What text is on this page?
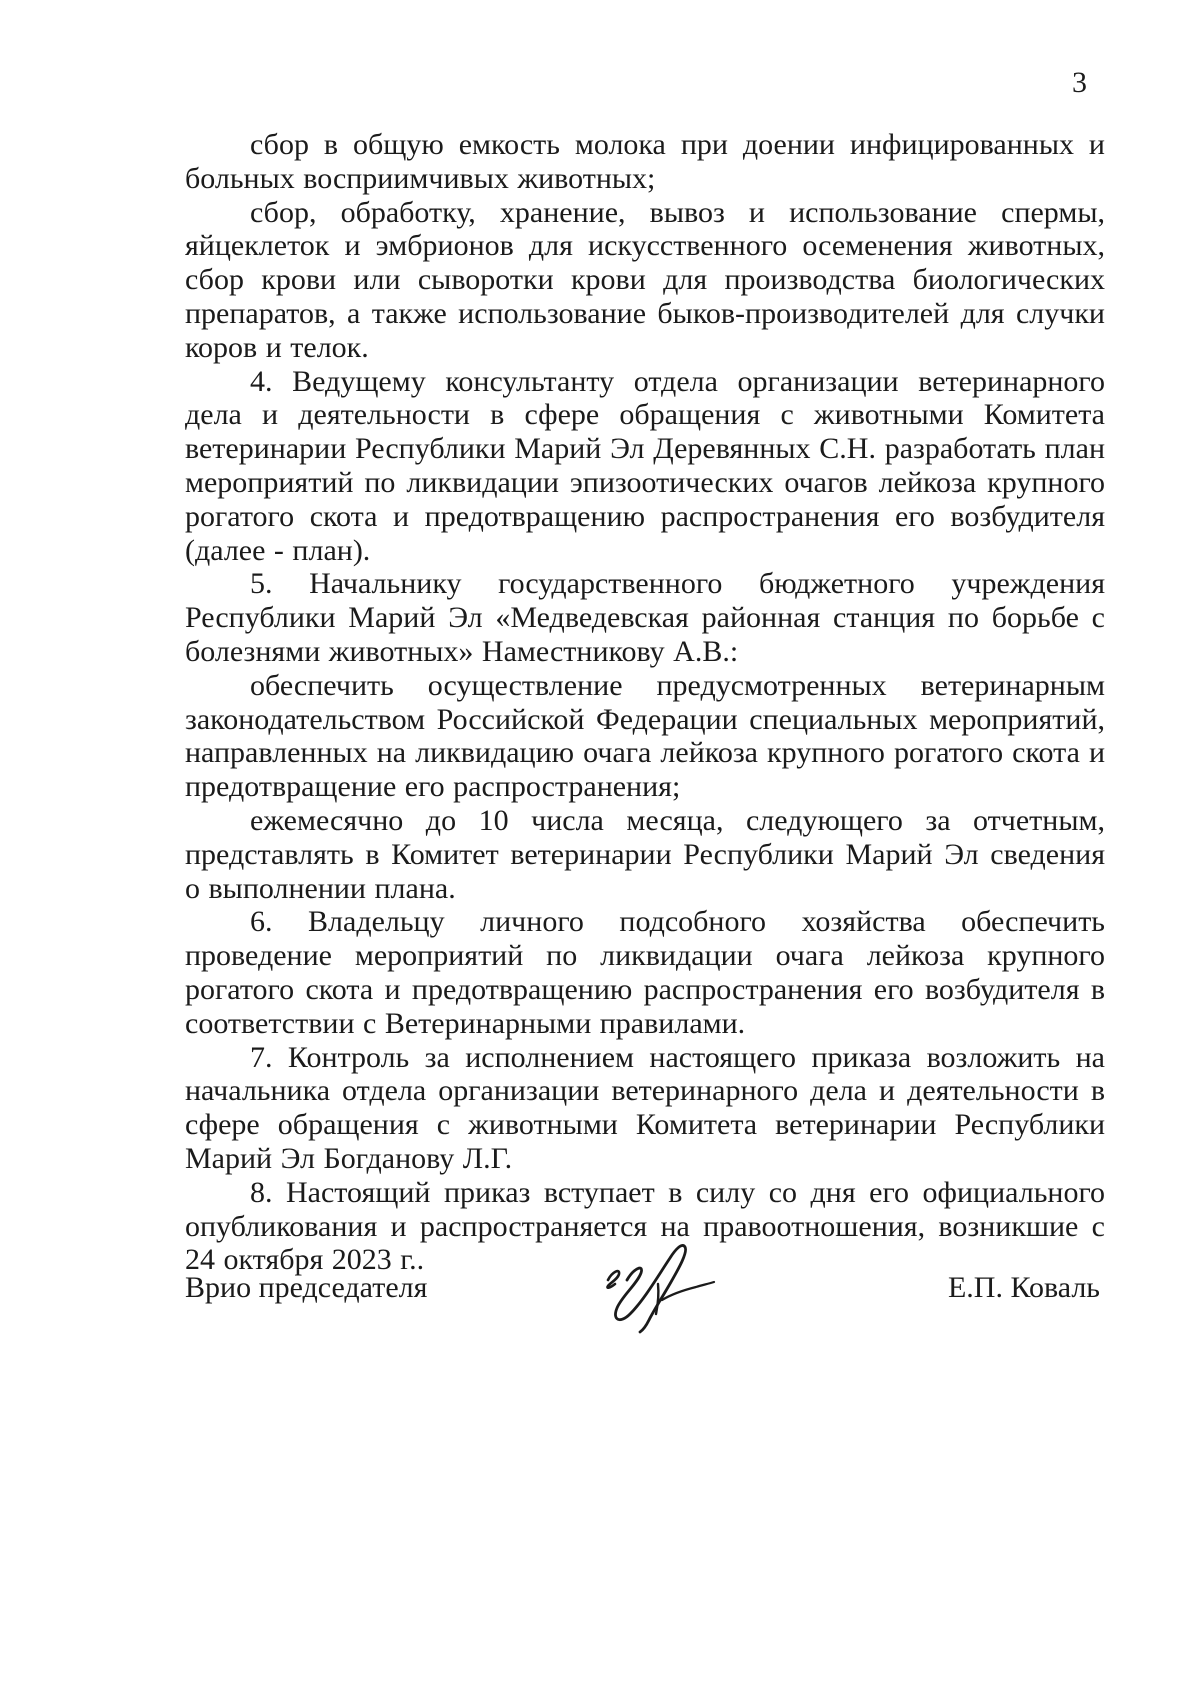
3

сбор в общую емкость молока при доении инфицированных и больных восприимчивых животных;

сбор, обработку, хранение, вывоз и использование спермы, яйцеклеток и эмбрионов для искусственного осеменения животных, сбор крови или сыворотки крови для производства биологических препаратов, а также использование быков-производителей для случки коров и телок.

4. Ведущему консультанту отдела организации ветеринарного дела и деятельности в сфере обращения с животными Комитета ветеринарии Республики Марий Эл Деревянных С.Н. разработать план мероприятий по ликвидации эпизоотических очагов лейкоза крупного рогатого скота и предотвращению распространения его возбудителя (далее - план).

5. Начальнику государственного бюджетного учреждения Республики Марий Эл «Медведевская районная станция по борьбе с болезнями животных» Наместникову А.В.:

обеспечить осуществление предусмотренных ветеринарным законодательством Российской Федерации специальных мероприятий, направленных на ликвидацию очага лейкоза крупного рогатого скота и предотвращение его распространения;

ежемесячно до 10 числа месяца, следующего за отчетным, представлять в Комитет ветеринарии Республики Марий Эл сведения о выполнении плана.

6. Владельцу личного подсобного хозяйства обеспечить проведение мероприятий по ликвидации очага лейкоза крупного рогатого скота и предотвращению распространения его возбудителя в соответствии с Ветеринарными правилами.

7. Контроль за исполнением настоящего приказа возложить на начальника отдела организации ветеринарного дела и деятельности в сфере обращения с животными Комитета ветеринарии Республики Марий Эл Богданову Л.Г.

8. Настоящий приказ вступает в силу со дня его официального опубликования и распространяется на правоотношения, возникшие с 24 октября 2023 г..

Врио председателя	Е.П. Коваль
